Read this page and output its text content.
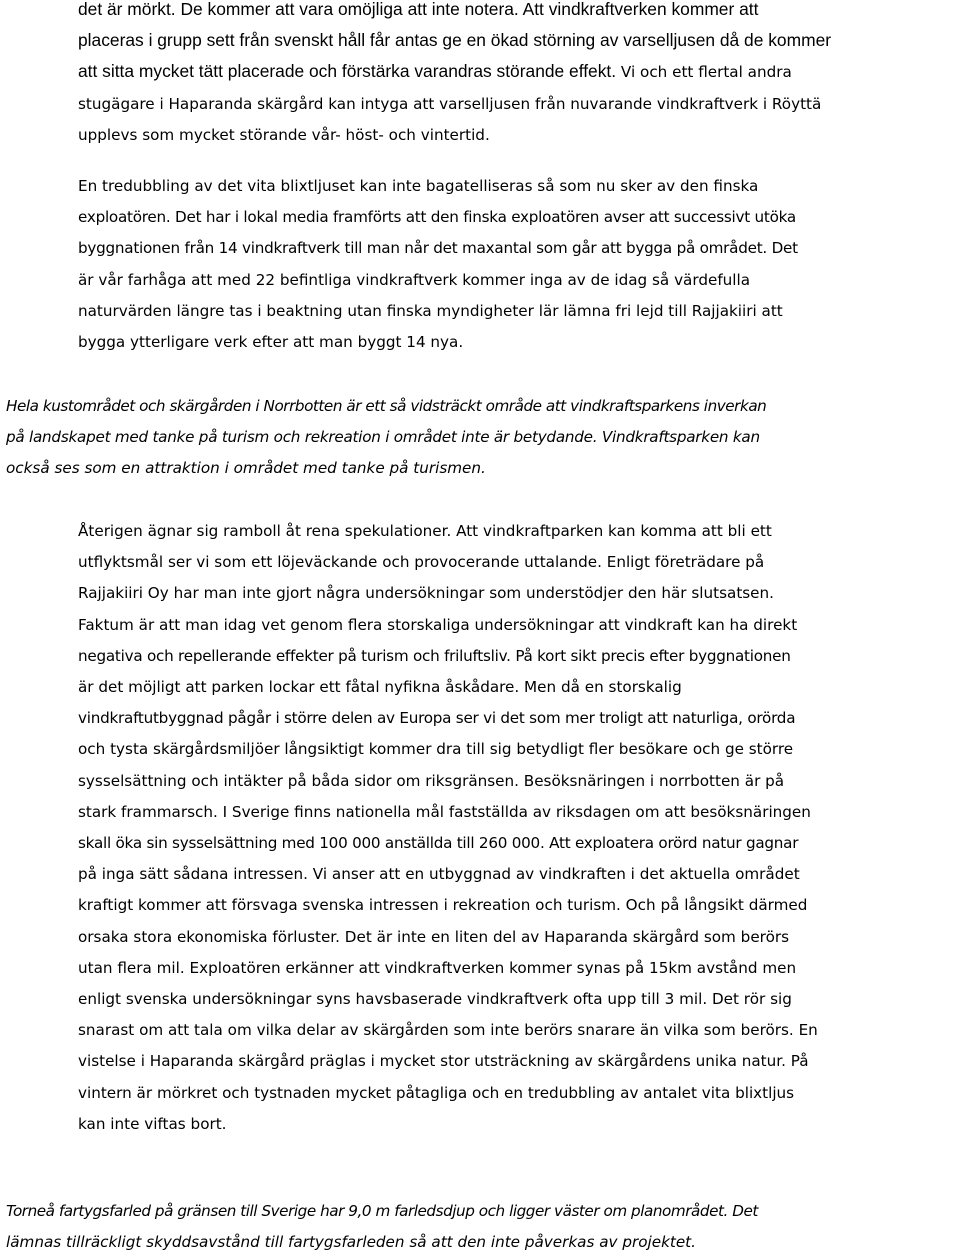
det är mörkt. De kommer att vara omöjliga att inte notera. Att vindkraftverken kommer att
placeras i grupp sett från svenskt håll får antas ge en ökad störning av varselljusen då de kommer
att sitta mycket tätt placerade och förstärka varandras störande effekt. Vi och ett flertal andra
stugägare i Haparanda skärgård kan intyga att varselljusen från nuvarande vindkraftverk i Röyttä
upplevs som mycket störande vår- höst- och vintertid.
En tredubbling av det vita blixtljuset kan inte bagatelliseras så som nu sker av den finska
exploatören. Det har i lokal media framförts att den finska exploatören avser att successivt utöka
byggnationen från 14 vindkraftverk till man når det maxantal som går att bygga på området. Det
är vår farhåga att med 22 befintliga vindkraftverk kommer inga av de idag så värdefulla
naturvärden längre tas i beaktning utan finska myndigheter lär lämna fri lejd till Rajjakiiri att
bygga ytterligare verk efter att man byggt 14 nya.
Hela kustområdet och skärgården i Norrbotten är ett så vidsträckt område att vindkraftsparkens inverkan
på landskapet med tanke på turism och rekreation i området inte är betydande. Vindkraftsparken kan
också ses som en attraktion i området med tanke på turismen.
Återigen ägnar sig ramboll åt rena spekulationer. Att vindkraftparken kan komma att bli ett
utflyktsmål ser vi som ett löjeväckande och provocerande uttalande. Enligt företrädare på
Rajjakiiri Oy har man inte gjort några undersökningar som understödjer den här slutsatsen.
Faktum är att man idag vet genom flera storskaliga undersökningar att vindkraft kan ha direkt
negativa och repellerande effekter på turism och friluftsliv. På kort sikt precis efter byggnationen
är det möjligt att parken lockar ett fåtal nyfikna åskådare. Men då en storskalig
vindkraftutbyggnad pågår i större delen av Europa ser vi det som mer troligt att naturliga, orörda
och tysta skärgårdsmiljöer långsiktigt kommer dra till sig betydligt fler besökare och ge större
sysselsättning och intäkter på båda sidor om riksgränsen. Besöksnäringen i norrbotten är på
stark frammarsch. I Sverige finns nationella mål fastställda av riksdagen om att besöksnäringen
skall öka sin sysselsättning med 100 000 anställda till 260 000. Att exploatera orörd natur gagnar
på inga sätt sådana intressen. Vi anser att en utbyggnad av vindkraften i det aktuella området
kraftigt kommer att försvaga svenska intressen i rekreation och turism. Och på långsikt därmed
orsaka stora ekonomiska förluster. Det är inte en liten del av Haparanda skärgård som berörs
utan flera mil. Exploatören erkänner att vindkraftverken kommer synas på 15km avstånd men
enligt svenska undersökningar syns havsbaserade vindkraftverk ofta upp till 3 mil. Det rör sig
snarast om att tala om vilka delar av skärgården som inte berörs snarare än vilka som berörs. En
vistelse i Haparanda skärgård präglas i mycket stor utsträckning av skärgårdens unika natur. På
vintern är mörkret och tystnaden mycket påtagliga och en tredubbling av antalet vita blixtljus
kan inte viftas bort.
Torneå fartygsfarled på gränsen till Sverige har 9,0 m farledsdjup och ligger väster om planområdet. Det
lämnas tillräckligt skyddsavstånd till fartygsfarleden så att den inte påverkas av projektet.
